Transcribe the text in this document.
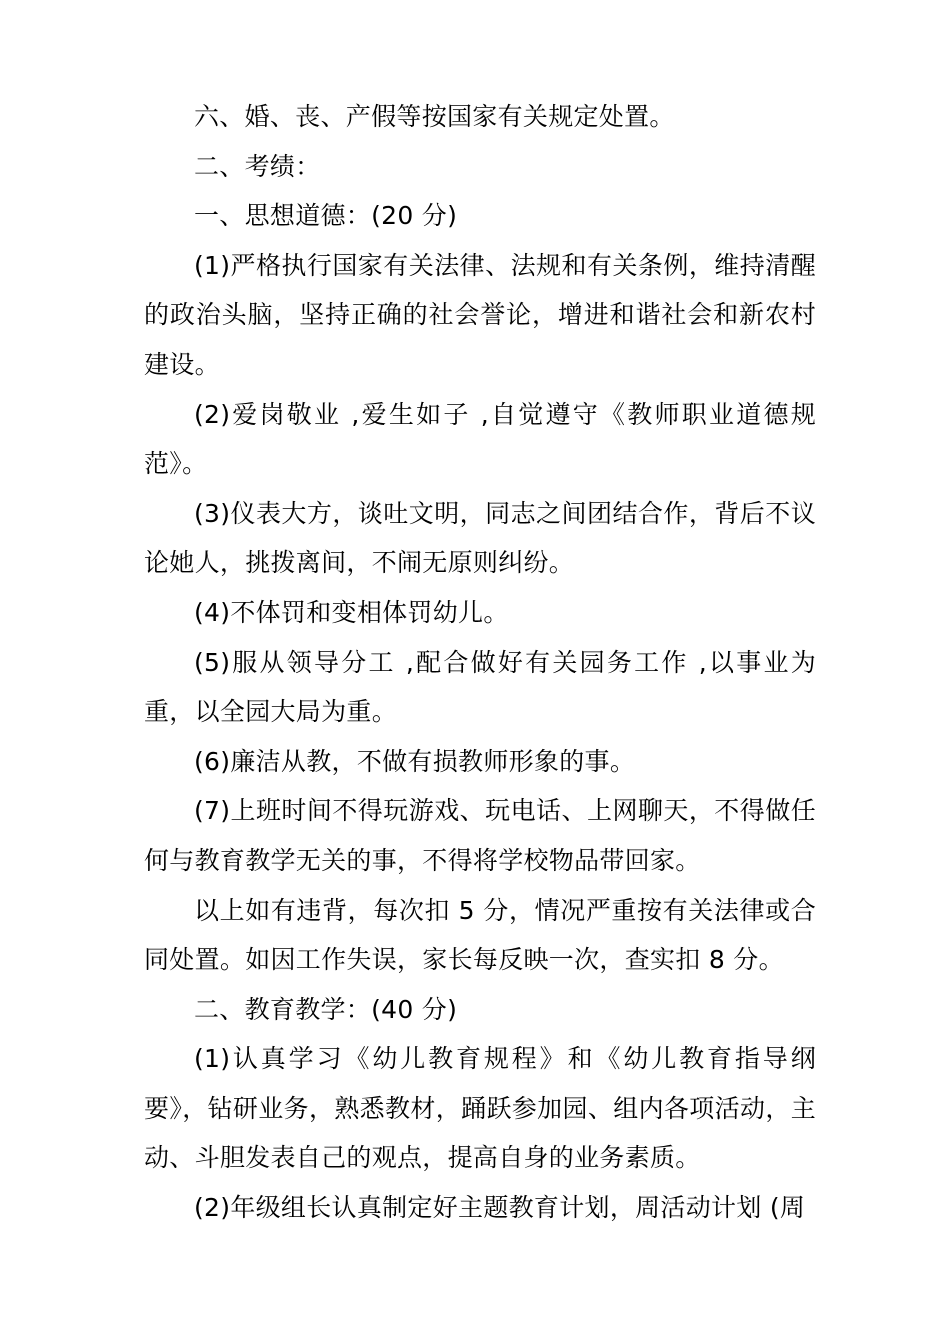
六、婚、丧、产假等按国家有关规定处置。

二、考绩：

一、思想道德：(20 分)

(1)严格执行国家有关法律、法规和有关条例，维持清醒的政治头脑，坚持正确的社会誉论，增进和谐社会和新农村建设。

(2)爱岗敬业 ,爱生如子 ,自觉遵守《教师职业道德规范》。

(3)仪表大方，谈吐文明，同志之间团结合作，背后不议论她人，挑拨离间，不闹无原则纠纷。

(4)不体罚和变相体罚幼儿。

(5)服从领导分工 ,配合做好有关园务工作 ,以事业为重，以全园大局为重。

(6)廉洁从教，不做有损教师形象的事。

(7)上班时间不得玩游戏、玩电话、上网聊天，不得做任何与教育教学无关的事，不得将学校物品带回家。

以上如有违背，每次扣 5 分，情况严重按有关法律或合同处置。如因工作失误，家长每反映一次，查实扣 8 分。

二、教育教学：(40 分)

(1)认真学习《幼儿教育规程》和《幼儿教育指导纲要》，钻研业务，熟悉教材，踊跃参加园、组内各项活动，主动、斗胆发表自己的观点，提高自身的业务素质。

(2)年级组长认真制定好主题教育计划，周活动计划 (周
